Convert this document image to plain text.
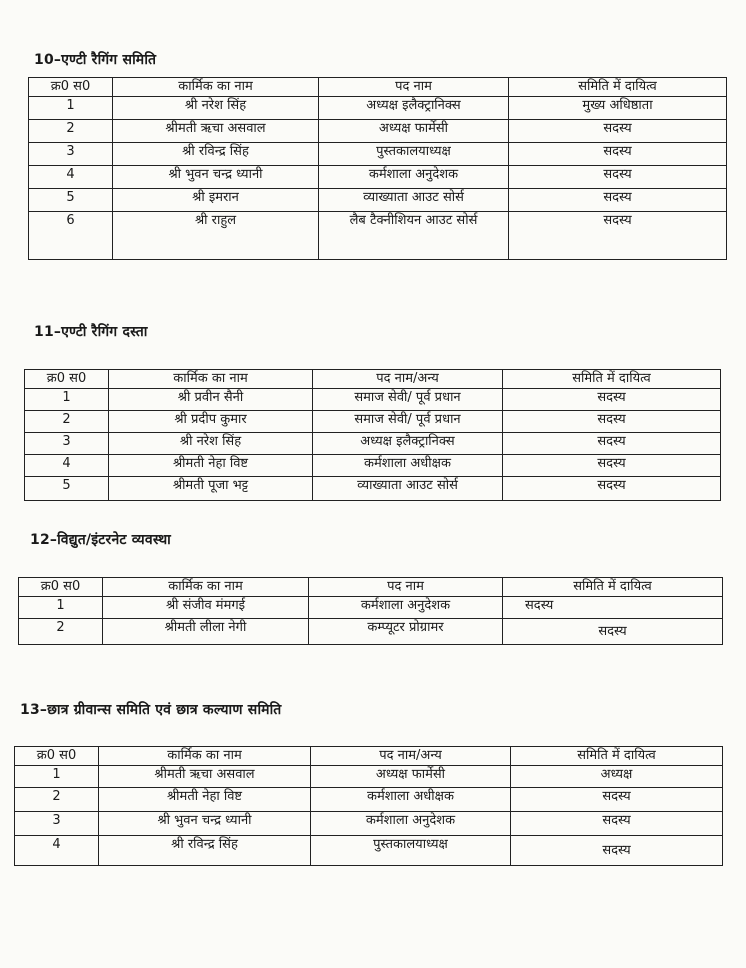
10–एण्टी रैगिंग समिति
क्र0 स0	कार्मिक का नाम	पद नाम	समिति में दायित्व
1	श्री नरेश सिंह	अध्यक्ष इलैक्ट्रानिक्स	मुख्य अधिष्ठाता
2	श्रीमती ऋचा असवाल	अध्यक्ष फार्मेसी	सदस्य
3	श्री रविन्द्र सिंह	पुस्तकालयाध्यक्ष	सदस्य
4	श्री भुवन चन्द्र ध्यानी	कर्मशाला अनुदेशक	सदस्य
5	श्री इमरान	व्याख्याता आउट सोर्स	सदस्य
6	श्री राहुल	लैब टैक्नीशियन आउट सोर्स	सदस्य
11–एण्टी रैगिंग दस्ता
क्र0 स0	कार्मिक का नाम	पद नाम/अन्य	समिति में दायित्व
1	श्री प्रवीन सैनी	समाज सेवी/ पूर्व प्रधान	सदस्य
2	श्री प्रदीप कुमार	समाज सेवी/ पूर्व प्रधान	सदस्य
3	श्री नरेश सिंह	अध्यक्ष इलैक्ट्रानिक्स	सदस्य
4	श्रीमती नेहा विष्ट	कर्मशाला अधीक्षक	सदस्य
5	श्रीमती पूजा भट्ट	व्याख्याता आउट सोर्स	सदस्य
12–विद्युत/इंटरनेट व्यवस्था
क्र0 स0	कार्मिक का नाम	पद नाम	समिति में दायित्व
1	श्री संजीव मंमगई	कर्मशाला अनुदेशक	सदस्य
2	श्रीमती लीला नेगी	कम्प्यूटर प्रोग्रामर	सदस्य
13–छात्र ग्रीवान्स समिति एवं छात्र कल्याण समिति
क्र0 स0	कार्मिक का नाम	पद नाम/अन्य	समिति में दायित्व
1	श्रीमती ऋचा असवाल	अध्यक्ष फार्मेसी	अध्यक्ष
2	श्रीमती नेहा विष्ट	कर्मशाला अधीक्षक	सदस्य
3	श्री भुवन चन्द्र ध्यानी	कर्मशाला अनुदेशक	सदस्य
4	श्री रविन्द्र सिंह	पुस्तकालयाध्यक्ष	सदस्य
